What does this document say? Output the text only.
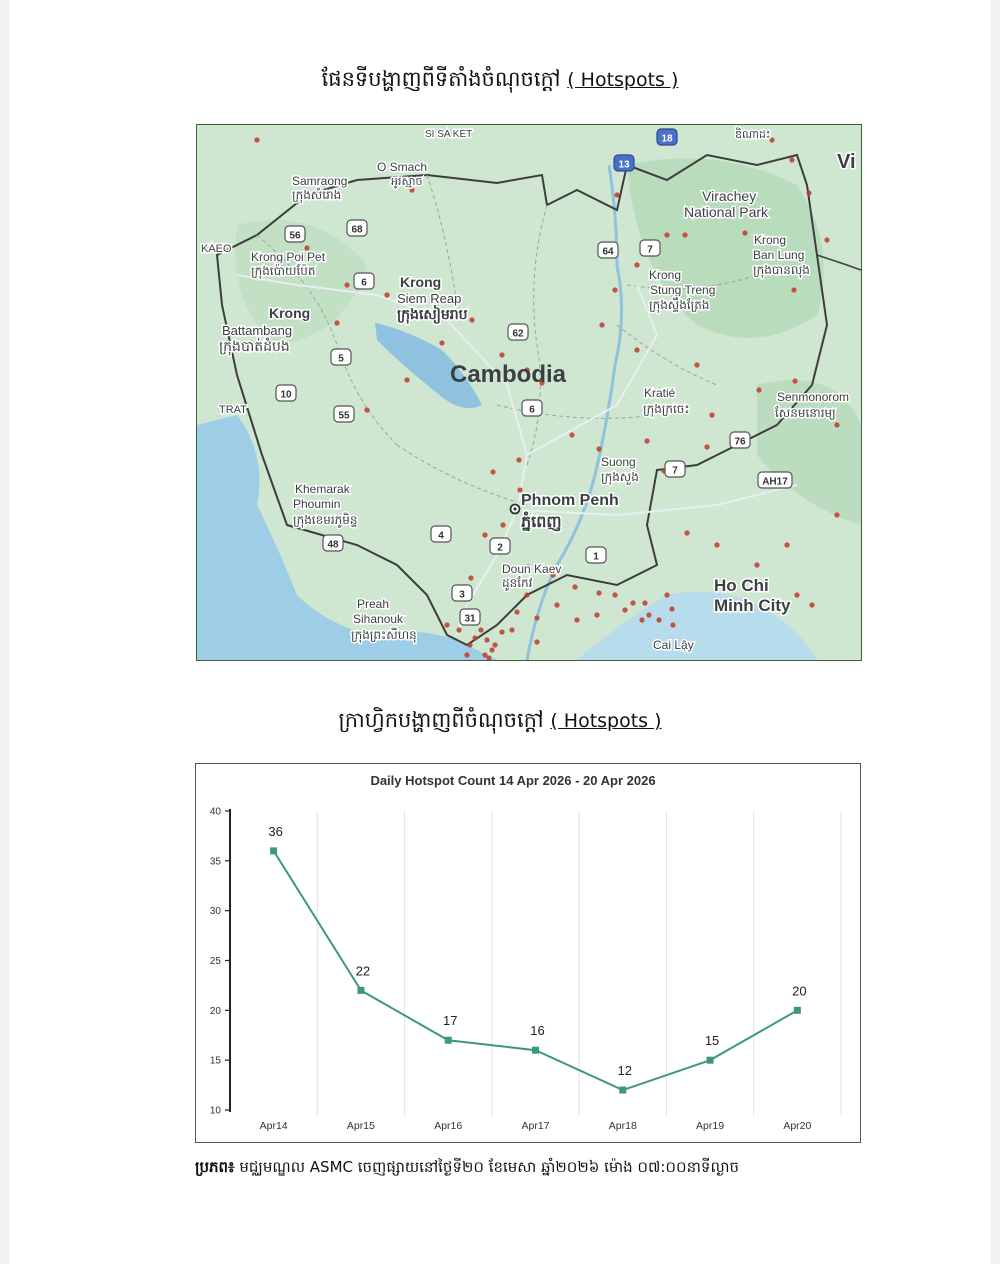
ផែនទីបង្ហាញពីទីតាំងចំណុចក្តៅ ( Hotspots )
56
68
6
5
10
55
62
6
64	7
13
18
76
7
4
2
1
3
31
48
AH17
SI SA KET
O Smach
អូរស្មាច
Samraong
ក្រុងសំរោង
KAEO
Krong Poi Pet
ក្រុងប៉ោយប៉ែត
Krong
Siem Reap
ក្រុងសៀមរាប
Krong
Battambang
ក្រុងបាត់ដំបង
TRAT
Virachey
National Park
Krong
Ban Lung
ក្រុងបានលុង
Krong
Stung Treng
ក្រុងស្ទឹងត្រែង
Kratié
ក្រុងក្រចេះ
Senmonorom
សែនមនោរម្យ
Suong
ក្រុងសួង
Phnom Penh
ភ្នំពេញ
Khemarak
Phoumin
ក្រុងខេមរភូមិន្ទ
Doun Kaev
ដូនកែវ
Preah
Sihanouk
ក្រុងព្រះសីហនុ
Ho Chi
Minh City
Cai Lậy
Vi
ឌិណាដះ
Cambodia
ក្រាហ្វិកបង្ហាញពីចំណុចក្តៅ ( Hotspots )
Daily Hotspot Count 14 Apr 2026 - 20 Apr 2026
10
15
20
25
30
35
40
Apr14	Apr15	Apr16	Apr17	Apr18	Apr19	Apr20
36
22
17
16
12
15
20
ប្រភព៖ មជ្ឈមណ្ឌល ASMC ចេញផ្សាយនៅថ្ងៃទី២០ ខែមេសា ឆ្នាំ២០២៦ ម៉ោង ០៧:០០នាទីល្ងាច
